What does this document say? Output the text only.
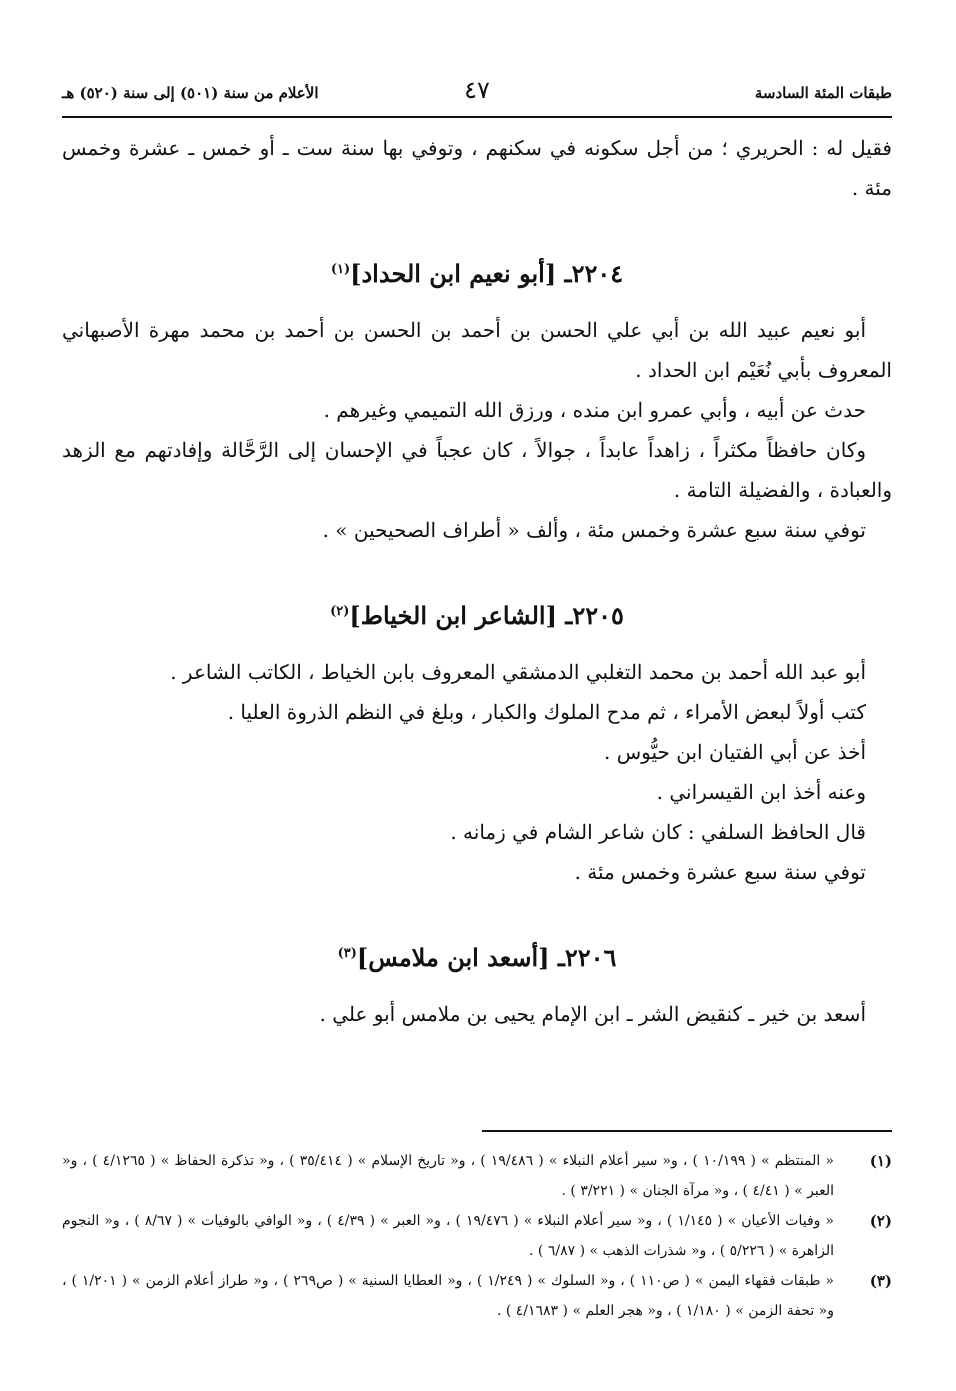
طبقات المئة السادسة
٤٧
الأعلام من سنة (٥٠١) إلى سنة (٥٢٠) هـ

فقيل له : الحريري ؛ من أجل سكونه في سكنهم ، وتوفي بها سنة ست ـ أو خمس ـ عشرة وخمس مئة .

٢٢٠٤ـ [أبو نعيم ابن الحداد]$^{(١)}$

أبو نعيم عبيد الله بن أبي علي الحسن بن أحمد بن الحسن بن أحمد بن محمد مهرة الأصبهاني المعروف بأبي نُعَيْم ابن الحداد .

حدث عن أبيه ، وأبي عمرو ابن منده ، ورزق الله التميمي وغيرهم .

وكان حافظاً مكثراً ، زاهداً عابداً ، جوالاً ، كان عجباً في الإحسان إلى الرَّحَّالة وإفادتهم مع الزهد والعبادة ، والفضيلة التامة .

توفي سنة سبع عشرة وخمس مئة ، وألف « أطراف الصحيحين » .

٢٢٠٥ـ [الشاعر ابن الخياط]$^{(٢)}$

أبو عبد الله أحمد بن محمد التغلبي الدمشقي المعروف بابن الخياط ، الكاتب الشاعر .

كتب أولاً لبعض الأمراء ، ثم مدح الملوك والكبار ، وبلغ في النظم الذروة العليا .

أخذ عن أبي الفتيان ابن حيُّوس .

وعنه أخذ ابن القيسراني .

قال الحافظ السلفي : كان شاعر الشام في زمانه .

توفي سنة سبع عشرة وخمس مئة .

٢٢٠٦ـ [أسعد ابن ملامس]$^{(٣)}$

أسعد بن خير ـ كنقيض الشر ـ ابن الإمام يحيى بن ملامس أبو علي .

(١)
« المنتظم » ( ١٠/١٩٩ ) ، و« سير أعلام النبلاء » ( ١٩/٤٨٦ ) ، و« تاريخ الإسلام » ( ٣٥/٤١٤ ) ، و« تذكرة الحفاظ » ( ٤/١٢٦٥ ) ، و« العبر » ( ٤/٤١ ) ، و« مرآة الجنان » ( ٣/٢٢١ ) .

(٢)
« وفيات الأعيان » ( ١/١٤٥ ) ، و« سير أعلام النبلاء » ( ١٩/٤٧٦ ) ، و« العبر » ( ٤/٣٩ ) ، و« الوافي بالوفيات » ( ٨/٦٧ ) ، و« النجوم الزاهرة » ( ٥/٢٢٦ ) ، و« شذرات الذهب » ( ٦/٨٧ ) .

(٣)
« طبقات فقهاء اليمن » ( ص١١٠ ) ، و« السلوك » ( ١/٢٤٩ ) ، و« العطايا السنية » ( ص٢٦٩ ) ، و« طراز أعلام الزمن » ( ١/٢٠١ ) ، و« تحفة الزمن » ( ١/١٨٠ ) ، و« هجر العلم » ( ٤/١٦٨٣ ) .
